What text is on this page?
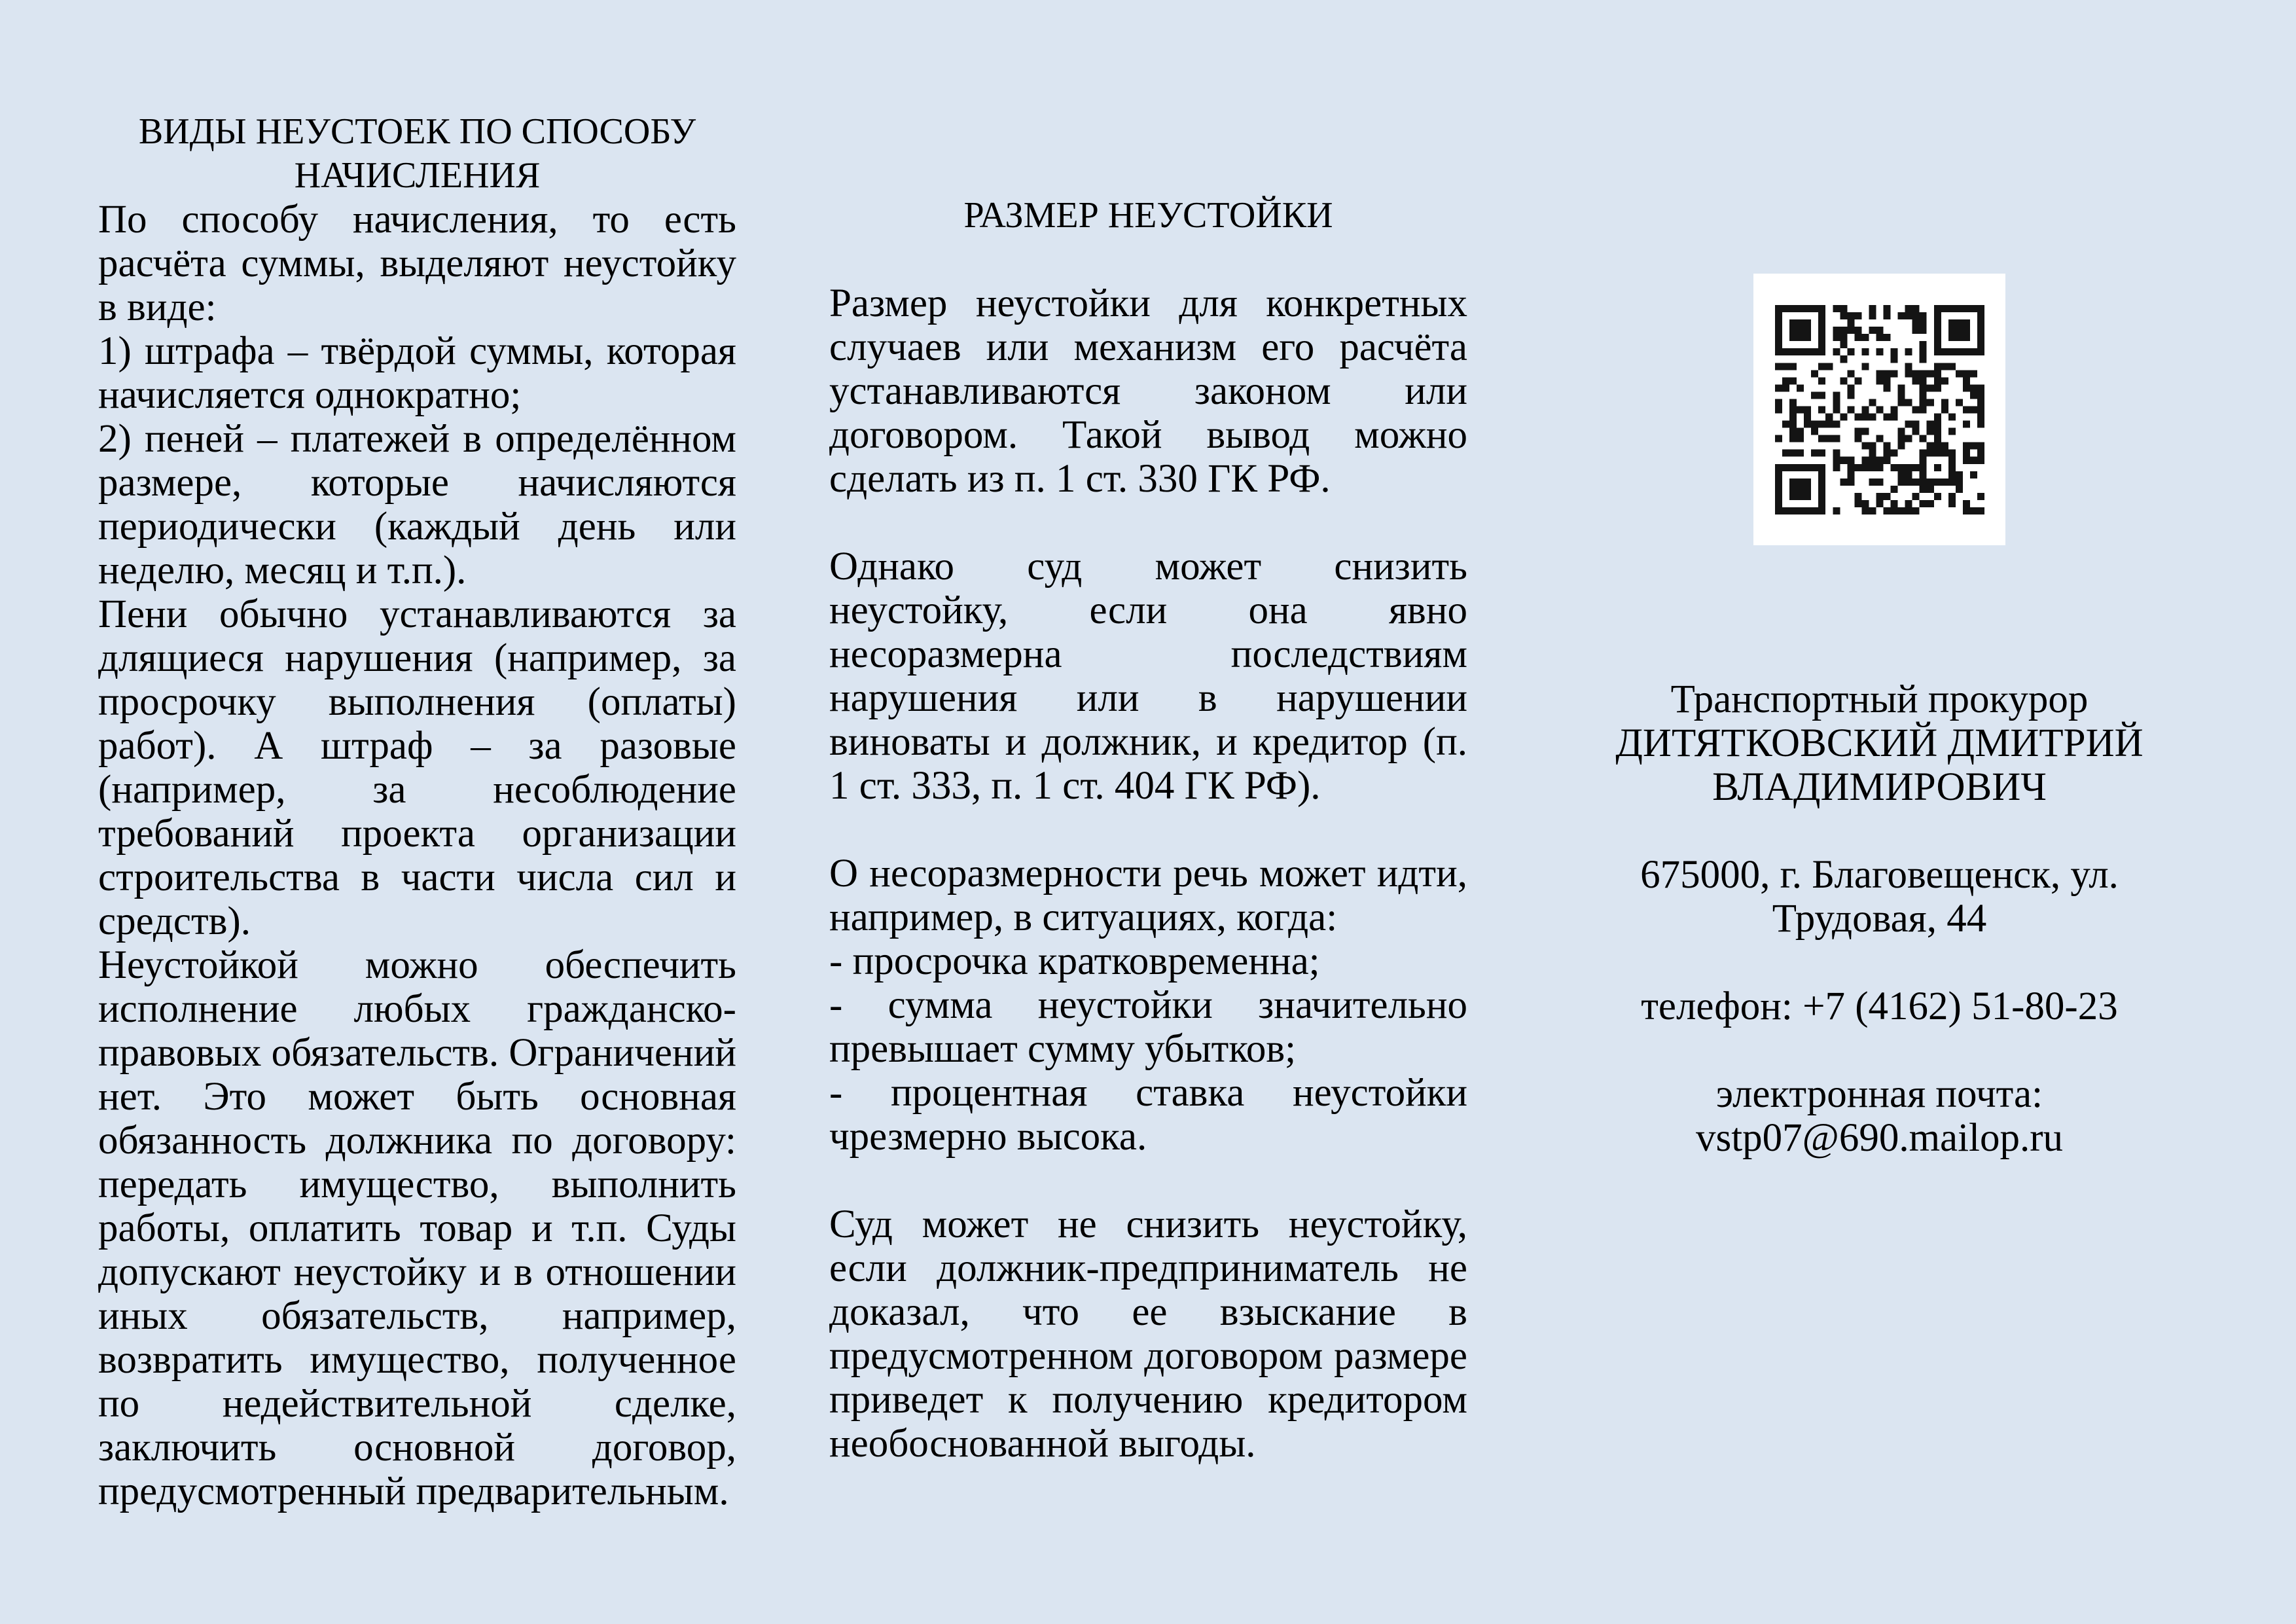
ВИДЫ НЕУСТОЕК ПО СПОСОБУ
НАЧИСЛЕНИЯ

По способу начисления, то есть расчёта суммы, выделяют неустойку в виде:

1) штрафа – твёрдой суммы, которая начисляется однократно;

2) пеней – платежей в определённом размере, которые начисляются периодически (каждый день или неделю, месяц и т.п.).

Пени обычно устанавливаются за длящиеся нарушения (например, за просрочку выполнения (оплаты) работ). А штраф – за разовые (например, за несоблюдение требований проекта организации строительства в части числа сил и средств).

Неустойкой можно обеспечить исполнение любых гражданско-правовых обязательств. Ограничений нет. Это может быть основная обязанность должника по договору: передать имущество, выполнить работы, оплатить товар и т.п. Суды допускают неустойку и в отношении иных обязательств, например, возвратить имущество, полученное по недействительной сделке, заключить основной договор, предусмотренный предварительным.

РАЗМЕР НЕУСТОЙКИ

Размер неустойки для конкретных случаев или механизм его расчёта устанавливаются законом или договором. Такой вывод можно сделать из п. 1 ст. 330 ГК РФ.

Однако суд может снизить неустойку, если она явно несоразмерна последствиям нарушения или в нарушении виноваты и должник, и кредитор (п. 1 ст. 333, п. 1 ст. 404 ГК РФ).

О несоразмерности речь может идти, например, в ситуациях, когда:

- просрочка кратковременна;

- сумма неустойки значительно превышает сумму убытков;

- процентная ставка неустойки чрезмерно высока.

Суд может не снизить неустойку, если должник-предприниматель не доказал, что ее взыскание в предусмотренном договором размере приведет к получению кредитором необоснованной выгоды.

Транспортный прокурор
ДИТЯТКОВСКИЙ ДМИТРИЙ
ВЛАДИМИРОВИЧ
675000, г. Благовещенск, ул.
Трудовая, 44
телефон: +7 (4162) 51-80-23
электронная почта:
vstp07@690.mailop.ru
